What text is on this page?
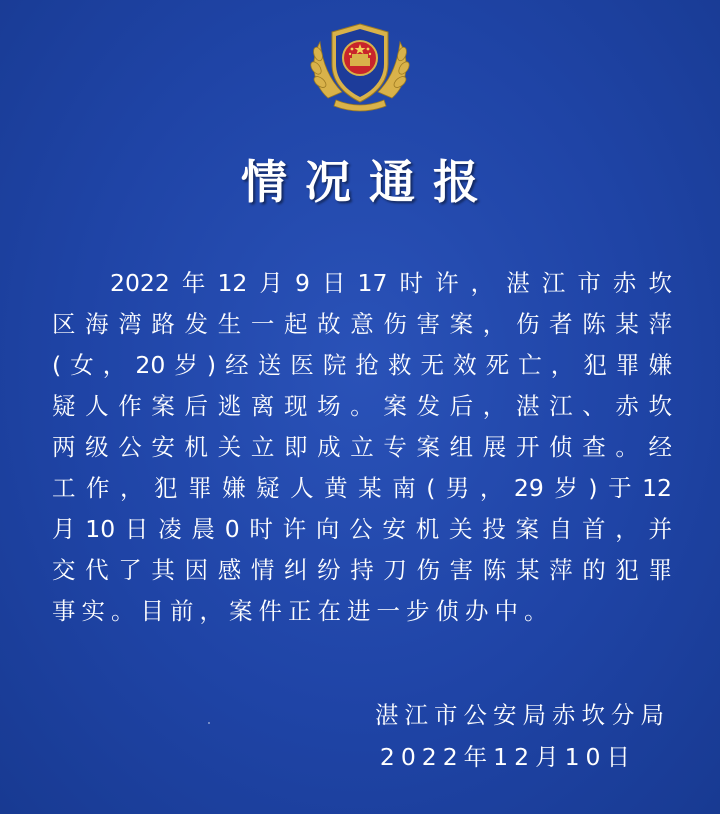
情况通报
2022年12月9日17时许，湛江市赤坎
区海湾路发生一起故意伤害案，伤者陈某萍
(女，20岁)经送医院抢救无效死亡，犯罪嫌
疑人作案后逃离现场。案发后，湛江、赤坎
两级公安机关立即成立专案组展开侦查。经
工作，犯罪嫌疑人黄某南(男，29岁)于12
月10日凌晨0时许向公安机关投案自首，并
交代了其因感情纠纷持刀伤害陈某萍的犯罪
事实。目前，案件正在进一步侦办中。
湛江市公安局赤坎分局
2022年12月10日
